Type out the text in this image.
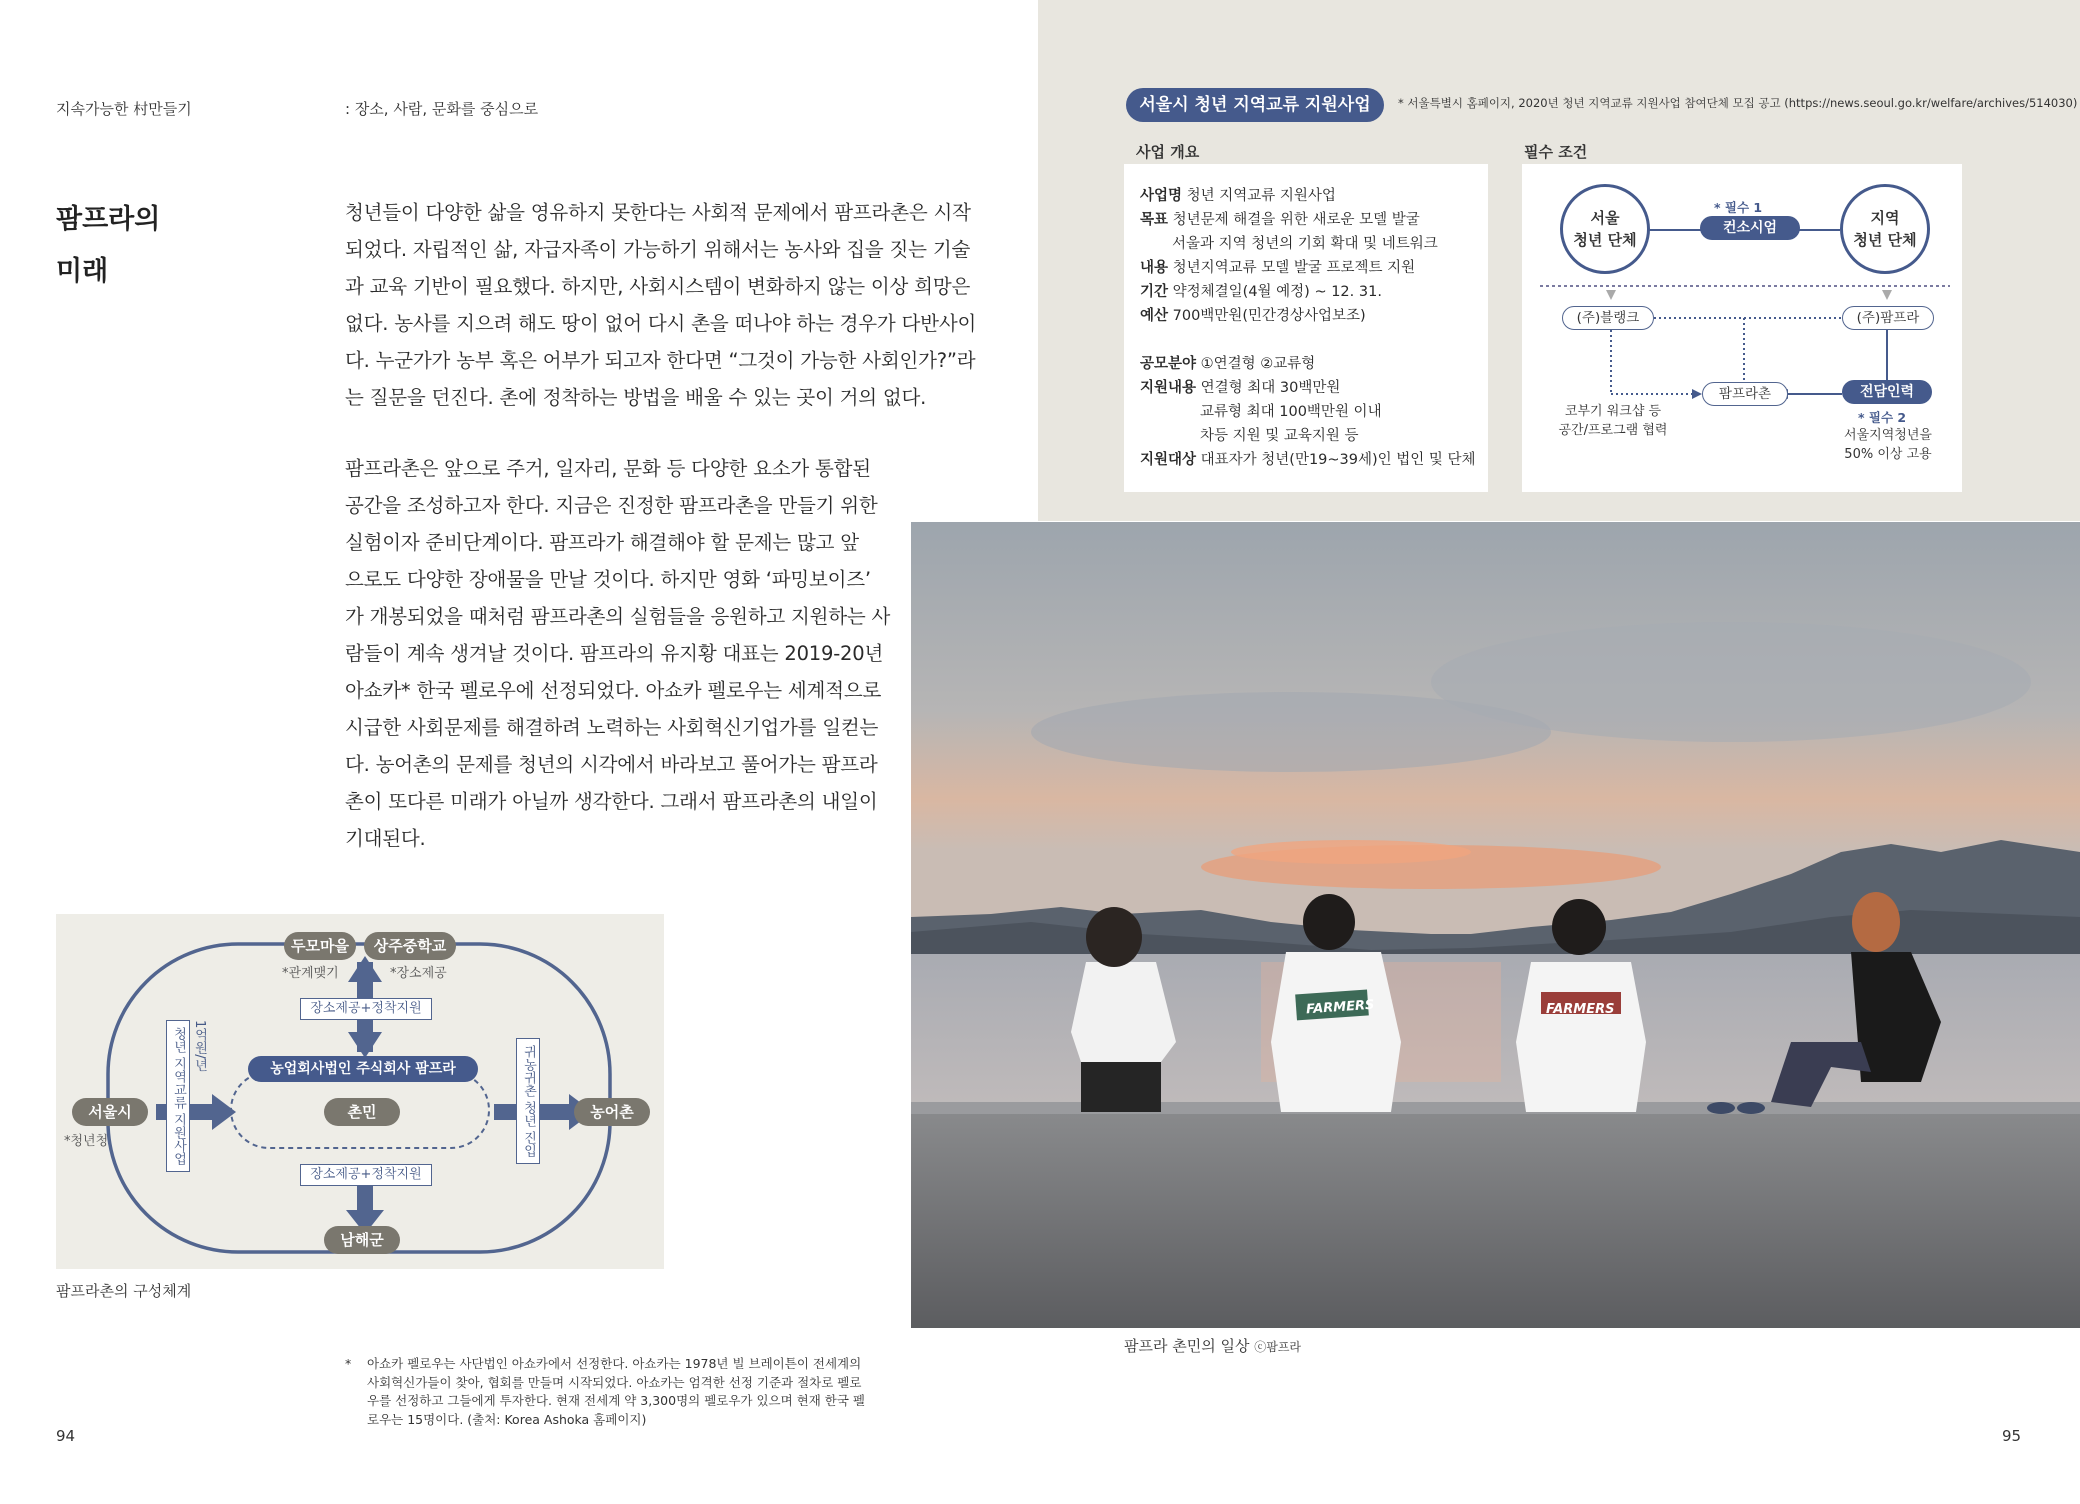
지속가능한 村만들기	: 장소, 사람, 문화를 중심으로
팜프라의
미래
청년들이 다양한 삶을 영유하지 못한다는 사회적 문제에서 팜프라촌은 시작
되었다. 자립적인 삶, 자급자족이 가능하기 위해서는 농사와 집을 짓는 기술
과 교육 기반이 필요했다. 하지만, 사회시스템이 변화하지 않는 이상 희망은
없다. 농사를 지으려 해도 땅이 없어 다시 촌을 떠나야 하는 경우가 다반사이
다. 누군가가 농부 혹은 어부가 되고자 한다면 “그것이 가능한 사회인가?”라
는 질문을 던진다. 촌에 정착하는 방법을 배울 수 있는 곳이 거의 없다.
팜프라촌은 앞으로 주거, 일자리, 문화 등 다양한 요소가 통합된
공간을 조성하고자 한다. 지금은 진정한 팜프라촌을 만들기 위한
실험이자 준비단계이다. 팜프라가 해결해야 할 문제는 많고 앞
으로도 다양한 장애물을 만날 것이다. 하지만 영화 ‘파밍보이즈’
가 개봉되었을 때처럼 팜프라촌의 실험들을 응원하고 지원하는 사
람들이 계속 생겨날 것이다. 팜프라의 유지황 대표는 2019-20년
아쇼카* 한국 펠로우에 선정되었다. 아쇼카 펠로우는 세계적으로
시급한 사회문제를 해결하려 노력하는 사회혁신기업가를 일컫는
다. 농어촌의 문제를 청년의 시각에서 바라보고 풀어가는 팜프라
촌이 또다른 미래가 아닐까 생각한다. 그래서 팜프라촌의 내일이
기대된다.
두모마을	상주중학교
*관계맺기	*장소제공
장소제공+정착지원
농업회사법인 주식회사 팜프라
촌민
장소제공+정착지원
서울시
*청년청
농어촌
남해군
청년 지역교류 지원사업 1억원/년	귀농귀촌 청년 진입
팜프라촌의 구성체계
* 아쇼카 펠로우는 사단법인 아쇼카에서 선정한다. 아쇼카는 1978년 빌 브레이튼이 전세계의
사회혁신가들이 찾아, 협회를 만들며 시작되었다. 아쇼카는 엄격한 선정 기준과 절차로 펠로
우를 선정하고 그들에게 투자한다. 현재 전세계 약 3,300명의 펠로우가 있으며 현재 한국 펠
로우는 15명이다. (출처: Korea Ashoka 홈페이지)
94
서울시 청년 지역교류 지원사업	* 서울특별시 홈페이지, 2020년 청년 지역교류 지원사업 참여단체 모집 공고 (https://news.seoul.go.kr/welfare/archives/514030)
사업 개요	필수 조건
사업명 청년 지역교류 지원사업
목표 청년문제 해결을 위한 새로운 모델 발굴
서울과 지역 청년의 기회 확대 및 네트워크
내용 청년지역교류 모델 발굴 프로젝트 지원
기간 약정체결일(4월 예정) ~ 12. 31.
예산 700백만원(민간경상사업보조)
공모분야 ①연결형 ②교류형
지원내용 연결형 최대 30백만원
교류형 최대 100백만원 이내
차등 지원 및 교육지원 등
지원대상 대표자가 청년(만19~39세)인 법인 및 단체
서울
청년 단체
지역
청년 단체
* 필수 1
컨소시엄
(주)블랭크	(주)팜프라
팜프라촌	전담인력
* 필수 2
코부기 워크샵 등
공간/프로그램 협력	서울지역청년을
50% 이상 고용
FARMERS	FARMERS
팜프라 촌민의 일상 ⓒ팜프라
95
